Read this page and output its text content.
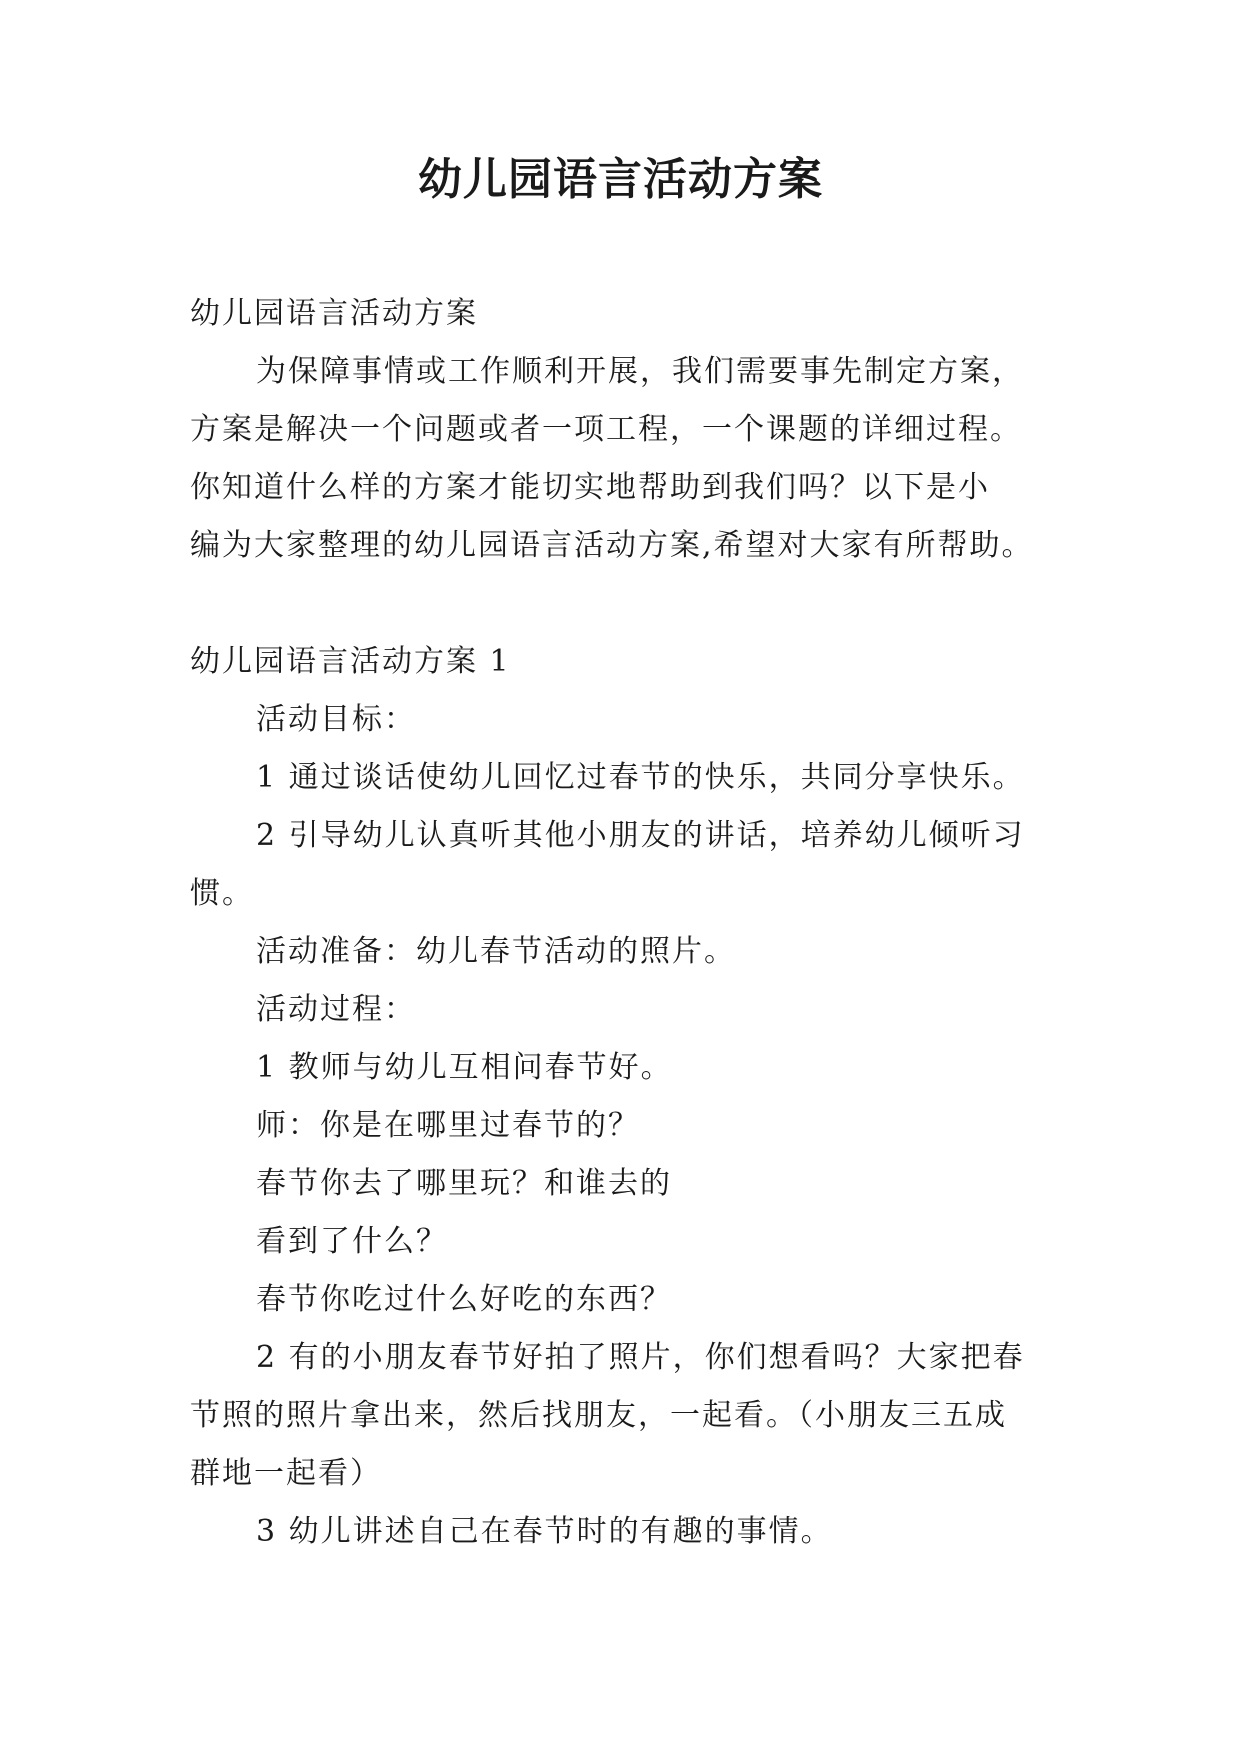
幼儿园语言活动方案

幼儿园语言活动方案

为保障事情或工作顺利开展，我们需要事先制定方案，

方案是解决一个问题或者一项工程，一个课题的详细过程。

你知道什么样的方案才能切实地帮助到我们吗？以下是小

编为大家整理的幼儿园语言活动方案,希望对大家有所帮助。

幼儿园语言活动方案 1

活动目标：

1 通过谈话使幼儿回忆过春节的快乐，共同分享快乐。

2 引导幼儿认真听其他小朋友的讲话，培养幼儿倾听习

惯。

活动准备：幼儿春节活动的照片。

活动过程：

1 教师与幼儿互相问春节好。

师：你是在哪里过春节的？

春节你去了哪里玩？和谁去的

看到了什么？

春节你吃过什么好吃的东西？

2 有的小朋友春节好拍了照片，你们想看吗？大家把春

节照的照片拿出来，然后找朋友，一起看。（小朋友三五成

群地一起看）

3 幼儿讲述自己在春节时的有趣的事情。
